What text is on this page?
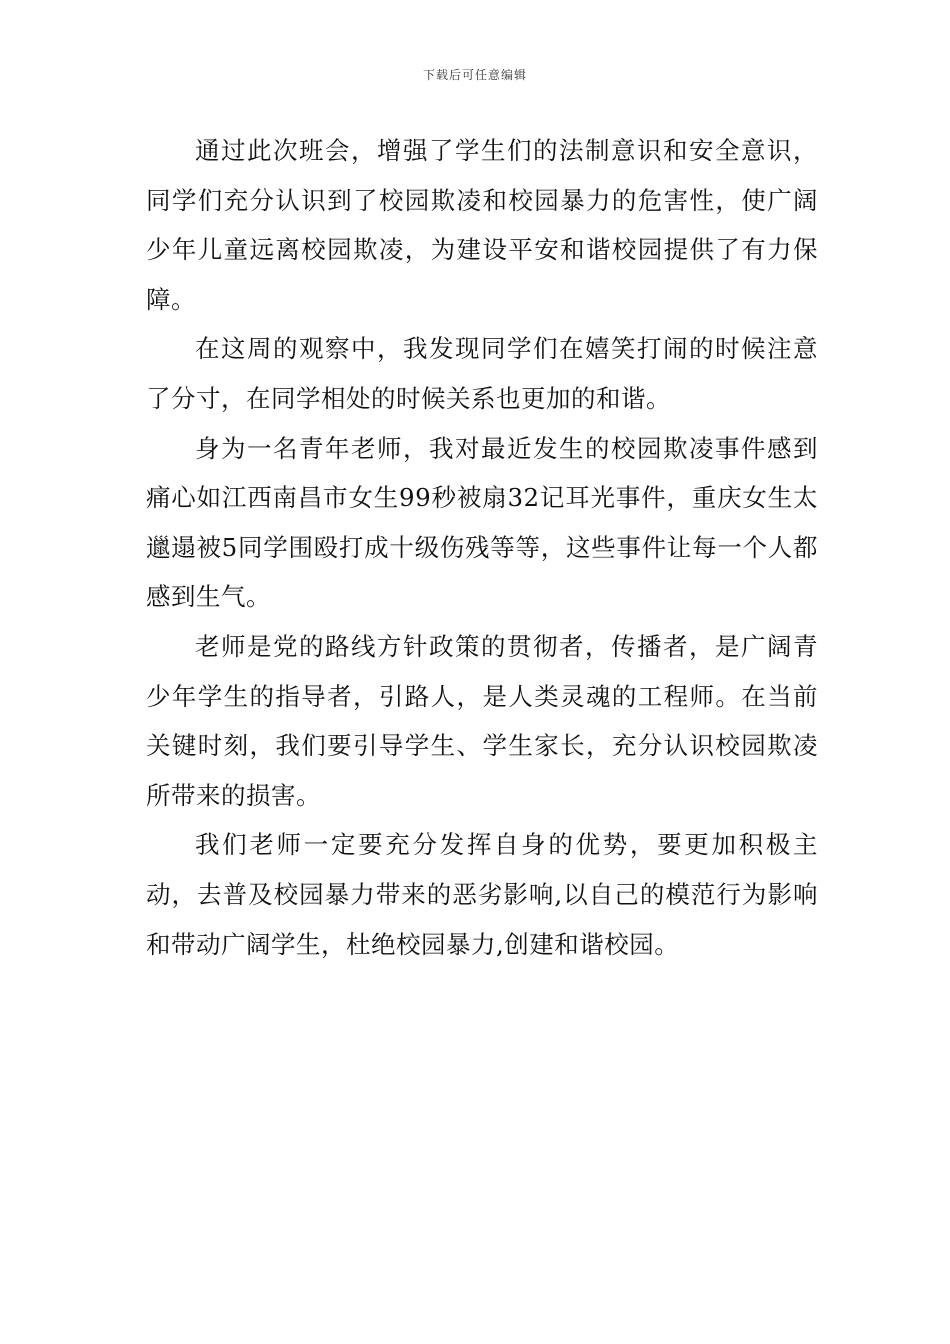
下载后可任意编辑

通过此次班会，增强了学生们的法制意识和安全意识，同学们充分认识到了校园欺凌和校园暴力的危害性，使广阔少年儿童远离校园欺凌，为建设平安和谐校园提供了有力保障。

在这周的观察中，我发现同学们在嬉笑打闹的时候注意了分寸，在同学相处的时候关系也更加的和谐。

身为一名青年老师，我对最近发生的校园欺凌事件感到痛心如江西南昌市女生99秒被扇32记耳光事件，重庆女生太邋遢被5同学围殴打成十级伤残等等，这些事件让每一个人都感到生气。

老师是党的路线方针政策的贯彻者，传播者，是广阔青少年学生的指导者，引路人，是人类灵魂的工程师。在当前关键时刻，我们要引导学生、学生家长，充分认识校园欺凌所带来的损害。

我们老师一定要充分发挥自身的优势，要更加积极主动，去普及校园暴力带来的恶劣影响,以自己的模范行为影响和带动广阔学生，杜绝校园暴力,创建和谐校园。
